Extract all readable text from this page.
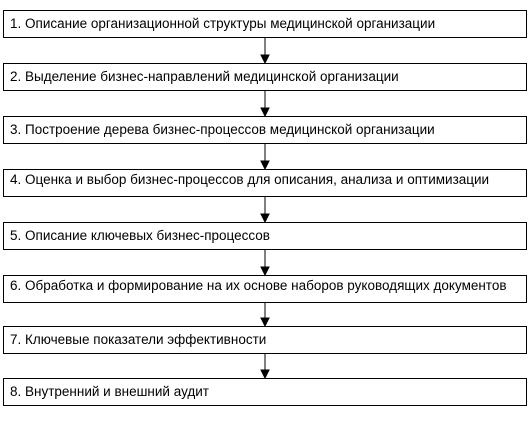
1. Описание организационной структуры медицинской организации
2. Выделение бизнес-направлений медицинской организации
3. Построение дерева бизнес-процессов медицинской организации
4. Оценка и выбор бизнес-процессов для описания, анализа и оптимизации
5. Описание ключевых бизнес-процессов
6. Обработка и формирование на их основе наборов руководящих документов
7. Ключевые показатели эффективности
8. Внутренний и внешний аудит
